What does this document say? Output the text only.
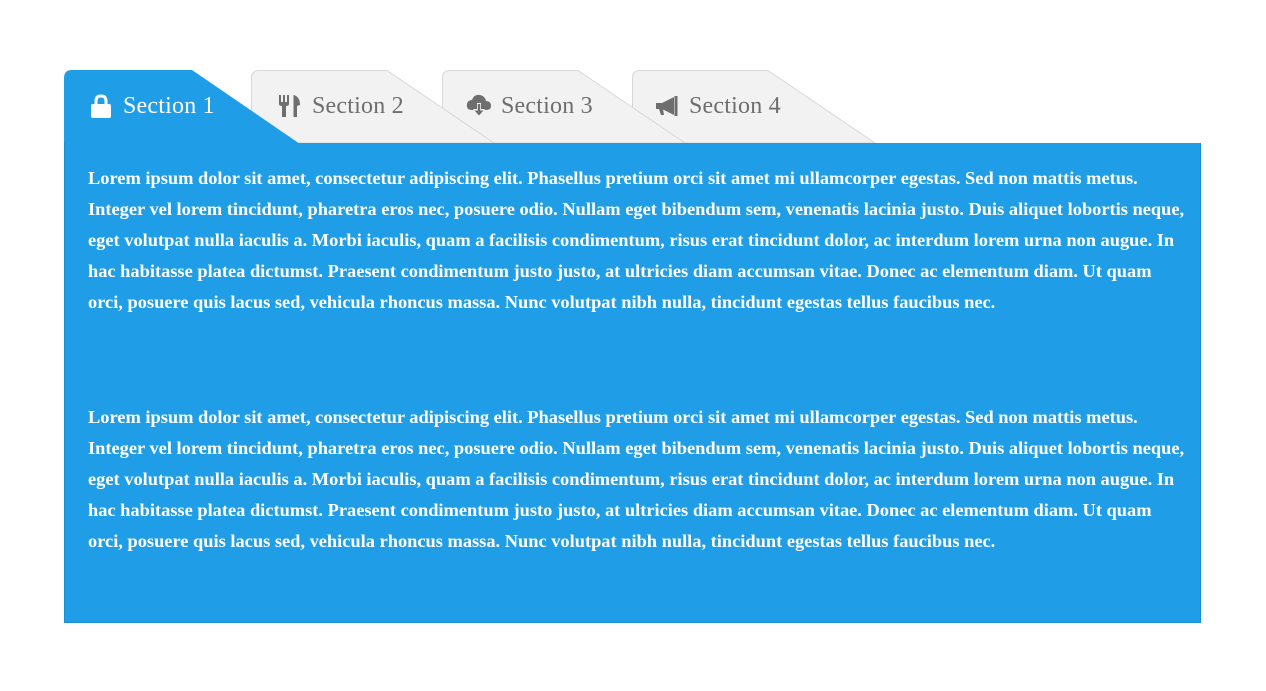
Section 4
Section 3
Section 2
Section 1

Lorem ipsum dolor sit amet, consectetur adipiscing elit. Phasellus pretium orci sit amet mi ullamcorper egestas. Sed non mattis metus. Integer vel lorem tincidunt, pharetra eros nec, posuere odio. Nullam eget bibendum sem, venenatis lacinia justo. Duis aliquet lobortis neque, eget volutpat nulla iaculis a. Morbi iaculis, quam a facilisis condimentum, risus erat tincidunt dolor, ac interdum lorem urna non augue. In hac habitasse platea dictumst. Praesent condimentum justo justo, at ultricies diam accumsan vitae. Donec ac elementum diam. Ut quam orci, posuere quis lacus sed, vehicula rhoncus massa. Nunc volutpat nibh nulla, tincidunt egestas tellus faucibus nec.

Lorem ipsum dolor sit amet, consectetur adipiscing elit. Phasellus pretium orci sit amet mi ullamcorper egestas. Sed non mattis metus. Integer vel lorem tincidunt, pharetra eros nec, posuere odio. Nullam eget bibendum sem, venenatis lacinia justo. Duis aliquet lobortis neque, eget volutpat nulla iaculis a. Morbi iaculis, quam a facilisis condimentum, risus erat tincidunt dolor, ac interdum lorem urna non augue. In hac habitasse platea dictumst. Praesent condimentum justo justo, at ultricies diam accumsan vitae. Donec ac elementum diam. Ut quam orci, posuere quis lacus sed, vehicula rhoncus massa. Nunc volutpat nibh nulla, tincidunt egestas tellus faucibus nec.
